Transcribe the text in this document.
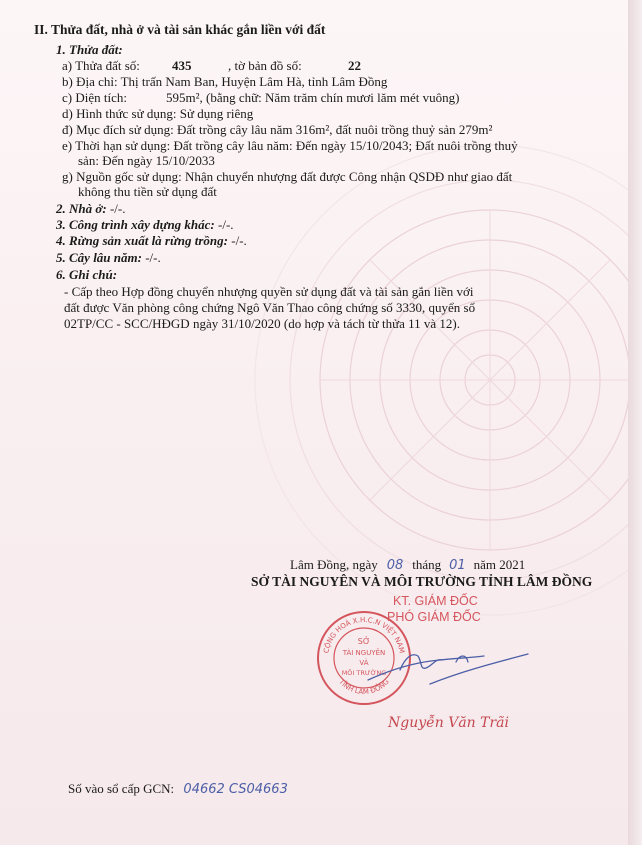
II. Thửa đất, nhà ở và tài sản khác gắn liền với đất
1. Thửa đất:
a) Thửa đất số: 435	, tờ bản đồ số:	22
b) Địa chỉ: Thị trấn Nam Ban, Huyện Lâm Hà, tỉnh Lâm Đồng
c) Diện tích:	595m², (bằng chữ: Năm trăm chín mươi lăm mét vuông)
d) Hình thức sử dụng: Sử dụng riêng
đ) Mục đích sử dụng: Đất trồng cây lâu năm 316m², đất nuôi trồng thuỷ sản 279m²
e) Thời hạn sử dụng: Đất trồng cây lâu năm: Đến ngày 15/10/2043; Đất nuôi trồng thuỷ
sản: Đến ngày 15/10/2033
g) Nguồn gốc sử dụng: Nhận chuyển nhượng đất được Công nhận QSDĐ như giao đất
không thu tiền sử dụng đất
2. Nhà ở: -/-.
3. Công trình xây dựng khác: -/-.
4. Rừng sản xuất là rừng trồng: -/-.
5. Cây lâu năm: -/-.
6. Ghi chú:
- Cấp theo Hợp đồng chuyển nhượng quyền sử dụng đất và tài sản gắn liền với
đất được Văn phòng công chứng Ngô Văn Thao công chứng số 3330, quyển số
02TP/CC - SCC/HĐGD ngày 31/10/2020 (do hợp và tách từ thửa 11 và 12).
Lâm Đồng, ngày 08 tháng 01 năm 2021
SỞ TÀI NGUYÊN VÀ MÔI TRƯỜNG TỈNH LÂM ĐỒNG
KT. GIÁM ĐỐC
PHÓ GIÁM ĐỐC
CỘNG HOÀ X.H.C.N VIỆT NAM
TỈNH LÂM ĐỒNG
SỞ
TÀI NGUYÊN
VÀ
MÔI TRƯỜNG
Nguyễn Văn Trãi
Số vào sổ cấp GCN: 04662 CS04663
